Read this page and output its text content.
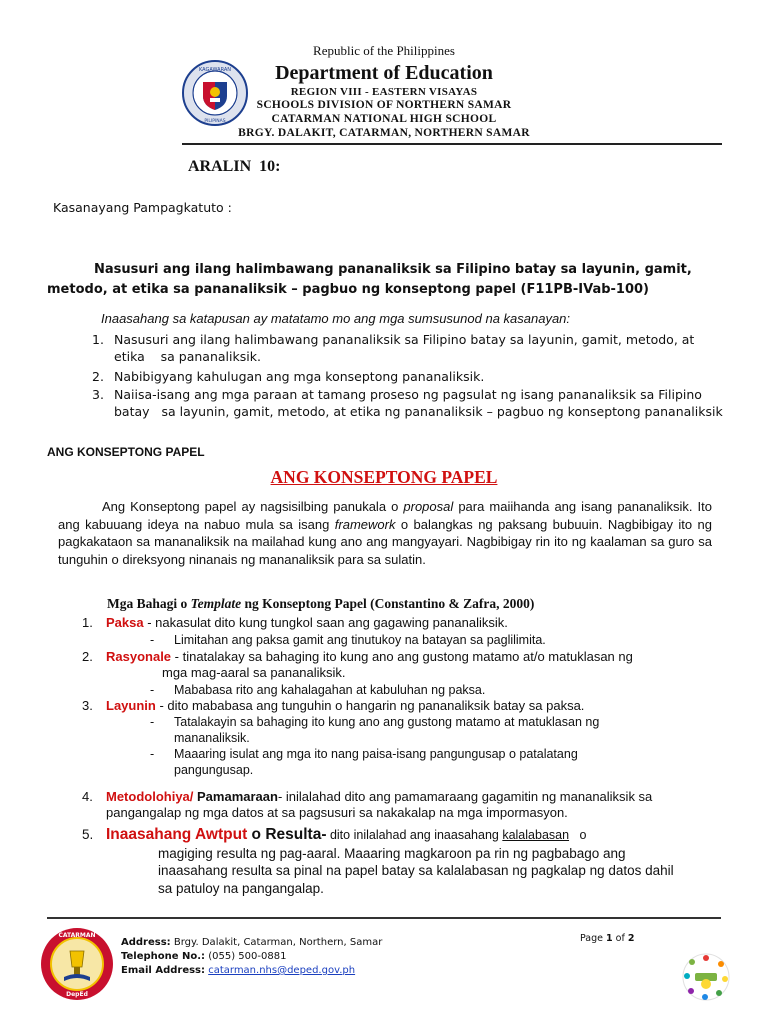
Republic of the Philippines
Department of Education
REGION VIII - EASTERN VISAYAS
SCHOOLS DIVISION OF NORTHERN SAMAR
CATARMAN NATIONAL HIGH SCHOOL
BRGY. DALAKIT, CATARMAN, NORTHERN SAMAR
KAGAWARAN
PILIPINAS
ARALIN  10:
Kasanayang Pampagkatuto :
Nasusuri ang ilang halimbawang pananaliksik sa Filipino batay sa layunin, gamit, metodo, at etika sa pananaliksik – pagbuo ng konseptong papel (F11PB-IVab-100)
Inaasahang sa katapusan ay matatamo mo ang mga sumsusunod na kasanayan:
1. Nasusuri ang ilang halimbawang pananaliksik sa Filipino batay sa layunin, gamit, metodo, at
etika    sa pananaliksik.
2. Nabibigyang kahulugan ang mga konseptong pananaliksik.
3. Naiisa-isang ang mga paraan at tamang proseso ng pagsulat ng isang pananaliksik sa Filipino
batay   sa layunin, gamit, metodo, at etika ng pananaliksik – pagbuo ng konseptong pananaliksik
ANG KONSEPTONG PAPEL
ANG KONSEPTONG PAPEL
Ang Konseptong papel ay nagsisilbing panukala o proposal para maiihanda ang isang pananaliksik. Ito ang kabuuang ideya na nabuo mula sa isang framework o balangkas ng paksang bubuuin. Nagbibigay ito ng pagkakataon sa mananaliksik na mailahad kung ano ang mangyayari. Nagbibigay rin ito ng kaalaman sa guro sa tunguhin o direksyong ninanais ng mananaliksik para sa sulatin.
Mga Bahagi o Template ng Konseptong Papel (Constantino & Zafra, 2000)
1. Paksa - nakasulat dito kung tungkol saan ang gagawing pananaliksik.
- Limitahan ang paksa gamit ang tinutukoy na batayan sa paglilimita.
2. Rasyonale - tinatalakay sa bahaging ito kung ano ang gustong matamo at/o matuklasan ng
mga mag-aaral sa pananaliksik.
- Mababasa rito ang kahalagahan at kabuluhan ng paksa.
3. Layunin - dito mababasa ang tunguhin o hangarin ng pananaliksik batay sa paksa.
- Tatalakayin sa bahaging ito kung ano ang gustong matamo at matuklasan ng
mananaliksik.
- Maaaring isulat ang mga ito nang paisa-isang pangungusap o patalatang
pangungusap.
4. Metodolohiya/ Pamamaraan- inilalahad dito ang pamamaraang gagamitin ng mananaliksik sa
pangangalap ng mga datos at sa pagsusuri sa nakakalap na mga impormasyon.
5. Inaasahang Awtput o Resulta- dito inilalahad ang inaasahang kalalabasan   o
magiging resulta ng pag-aaral. Maaaring magkaroon pa rin ng pagbabago ang
inaasahang resulta sa pinal na papel batay sa kalalabasan ng pagkalap ng datos dahil
sa patuloy na pangangalap.
CATARMAN
DepEd
Address: Brgy. Dalakit, Catarman, Northern, Samar
Telephone No.: (055) 500-0881
Email Address: catarman.nhs@deped.gov.ph
Page 1 of 2
